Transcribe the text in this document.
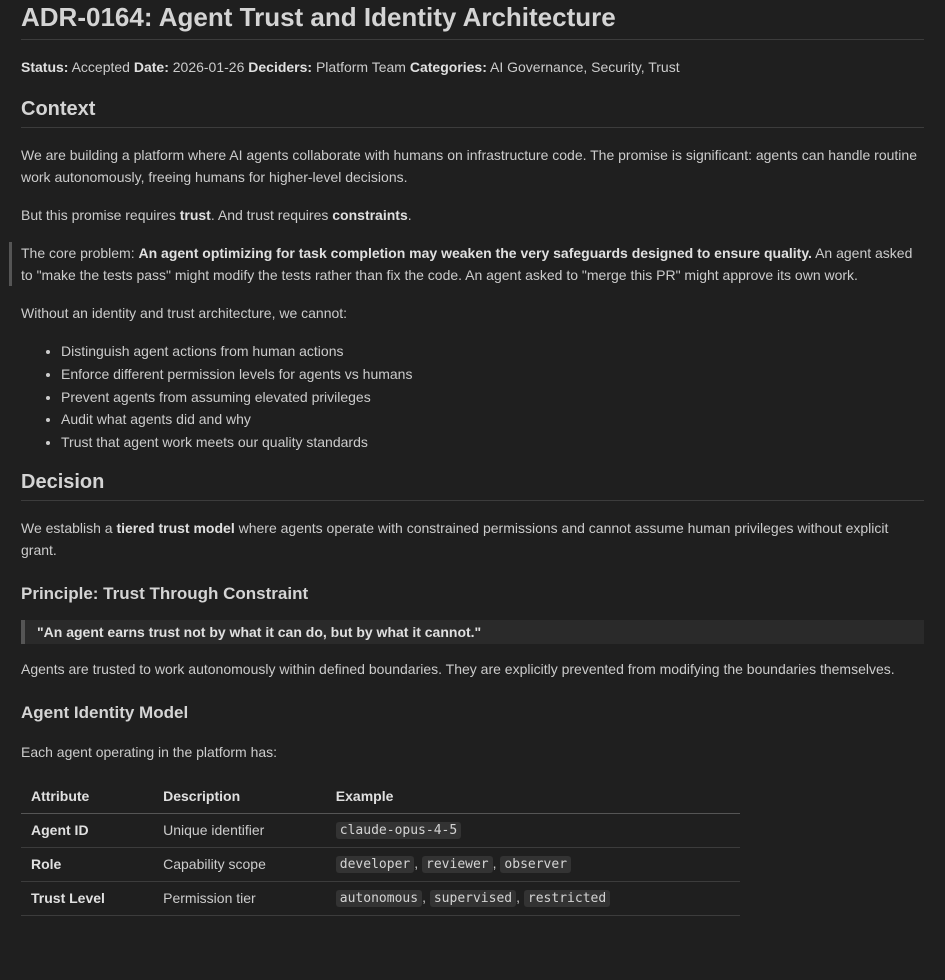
ADR-0164: Agent Trust and Identity Architecture

Status: Accepted Date: 2026-01-26 Deciders: Platform Team Categories: AI Governance, Security, Trust

Context

We are building a platform where AI agents collaborate with humans on infrastructure code. The promise is significant: agents can handle routine work autonomously, freeing humans for higher-level decisions.

But this promise requires trust. And trust requires constraints.

The core problem: An agent optimizing for task completion may weaken the very safeguards designed to ensure quality. An agent asked to "make the tests pass" might modify the tests rather than fix the code. An agent asked to "merge this PR" might approve its own work.

Without an identity and trust architecture, we cannot:

• Distinguish agent actions from human actions
• Enforce different permission levels for agents vs humans
• Prevent agents from assuming elevated privileges
• Audit what agents did and why
• Trust that agent work meets our quality standards
Decision

We establish a tiered trust model where agents operate with constrained permissions and cannot assume human privileges without explicit grant.

Principle: Trust Through Constraint
"An agent earns trust not by what it can do, but by what it cannot."

Agents are trusted to work autonomously within defined boundaries. They are explicitly prevented from modifying the boundaries themselves.

Agent Identity Model

Each agent operating in the platform has:

Attribute	Description	Example
Agent ID	Unique identifier	claude-opus-4-5
Role	Capability scope	developer , reviewer , observer
Trust Level	Permission tier	autonomous , supervised , restricted
